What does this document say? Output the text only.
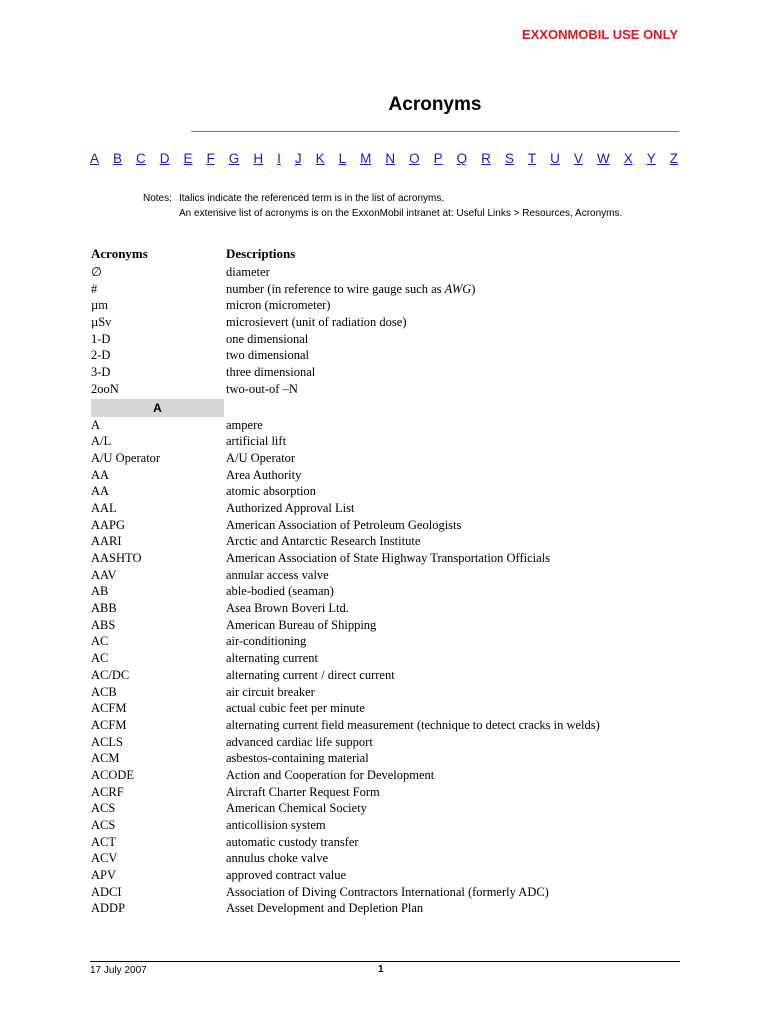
EXXONMOBIL USE ONLY
Acronyms
A B C D E F G H I J K L M N O P Q R S T U V W X Y Z
Notes: Italics indicate the referenced term is in the list of acronyms.
An extensive list of acronyms is on the ExxonMobil intranet at: Useful Links > Resources, Acronyms.
Acronyms	Descriptions
∅	diameter
#	number (in reference to wire gauge such as AWG)
µm	micron (micrometer)
µSv	microsievert (unit of radiation dose)
1-D	one dimensional
2-D	two dimensional
3-D	three dimensional
2ooN	two-out-of –N
A
A	ampere
A/L	artificial lift
A/U Operator	A/U Operator
AA	Area Authority
AA	atomic absorption
AAL	Authorized Approval List
AAPG	American Association of Petroleum Geologists
AARI	Arctic and Antarctic Research Institute
AASHTO	American Association of State Highway Transportation Officials
AAV	annular access valve
AB	able-bodied (seaman)
ABB	Asea Brown Boveri Ltd.
ABS	American Bureau of Shipping
AC	air-conditioning
AC	alternating current
AC/DC	alternating current / direct current
ACB	air circuit breaker
ACFM	actual cubic feet per minute
ACFM	alternating current field measurement (technique to detect cracks in welds)
ACLS	advanced cardiac life support
ACM	asbestos-containing material
ACODE	Action and Cooperation for Development
ACRF	Aircraft Charter Request Form
ACS	American Chemical Society
ACS	anticollision system
ACT	automatic custody transfer
ACV	annulus choke valve
APV	approved contract value
ADCI	Association of Diving Contractors International (formerly ADC)
ADDP	Asset Development and Depletion Plan
17 July 2007	1
